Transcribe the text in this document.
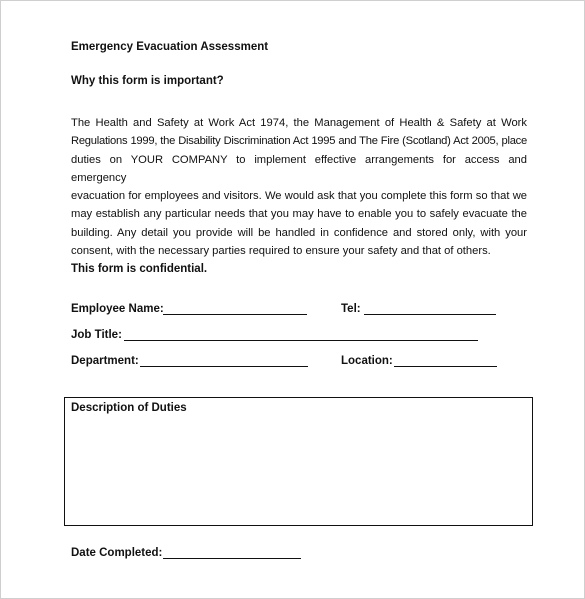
Emergency Evacuation Assessment
Why this form is important?
The Health and Safety at Work Act 1974, the Management of Health & Safety at Work
Regulations 1999, the Disability Discrimination Act 1995 and The Fire (Scotland) Act 2005, place
duties on YOUR COMPANY to implement effective arrangements for access and emergency
evacuation for employees and visitors. We would ask that you complete this form so that we
may establish any particular needs that you may have to enable you to safely evacuate the
building. Any detail you provide will be handled in confidence and stored only, with your
consent, with the necessary parties required to ensure your safety and that of others.
This form is confidential.
Employee Name:	Tel:
Job Title:
Department:	Location:
Description of Duties
Date Completed:
